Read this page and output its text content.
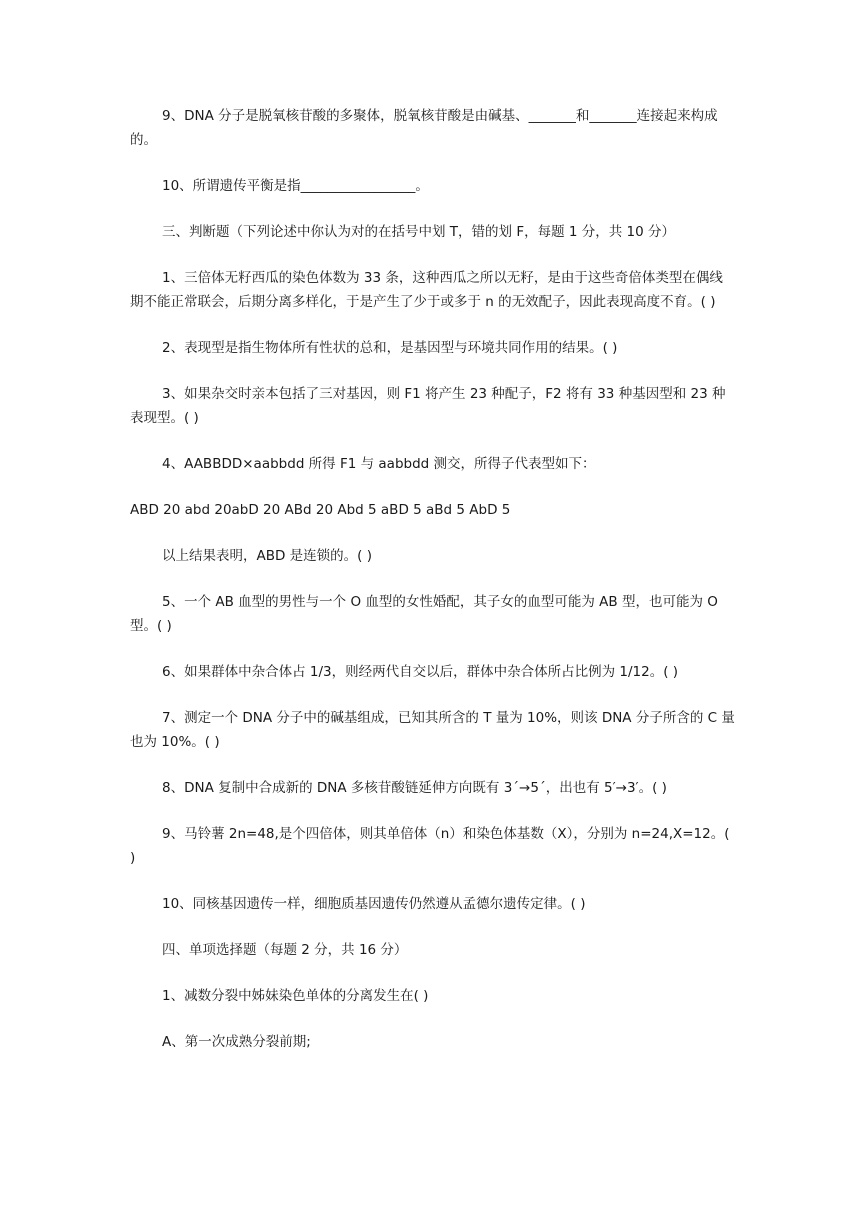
9、DNA 分子是脱氧核苷酸的多聚体，脱氧核苷酸是由碱基、_______和_______连接起来构成的。

10、所谓遗传平衡是指_________________。

三、判断题（下列论述中你认为对的在括号中划 T，错的划 F，每题 1 分，共 10 分）

1、三倍体无籽西瓜的染色体数为 33 条，这种西瓜之所以无籽，是由于这些奇倍体类型在偶线期不能正常联会，后期分离多样化，于是产生了少于或多于 n 的无效配子，因此表现高度不育。( )

2、表现型是指生物体所有性状的总和，是基因型与环境共同作用的结果。( )

3、如果杂交时亲本包括了三对基因，则 F1 将产生 23 种配子，F2 将有 33 种基因型和 23 种表现型。( )

4、AABBDD×aabbdd 所得 F1 与 aabbdd 测交，所得子代表型如下：

ABD 20 abd 20abD 20 ABd 20 Abd 5 aBD 5 aBd 5 AbD 5

以上结果表明，ABD 是连锁的。( )

5、一个 AB 血型的男性与一个 O 血型的女性婚配，其子女的血型可能为 AB 型，也可能为 O 型。( )

6、如果群体中杂合体占 1/3，则经两代自交以后，群体中杂合体所占比例为 1/12。( )

7、测定一个 DNA 分子中的碱基组成，已知其所含的 T 量为 10%，则该 DNA 分子所含的 C 量也为 10%。( )

8、DNA 复制中合成新的 DNA 多核苷酸链延伸方向既有 3ˊ→5ˊ，出也有 5′→3′。( )

9、马铃薯 2n=48,是个四倍体，则其单倍体（n）和染色体基数（X），分别为 n=24,X=12。( )

10、同核基因遗传一样，细胞质基因遗传仍然遵从孟德尔遗传定律。( )

四、单项选择题（每题 2 分，共 16 分）

1、减数分裂中姊妹染色单体的分离发生在( )

A、第一次成熟分裂前期;
